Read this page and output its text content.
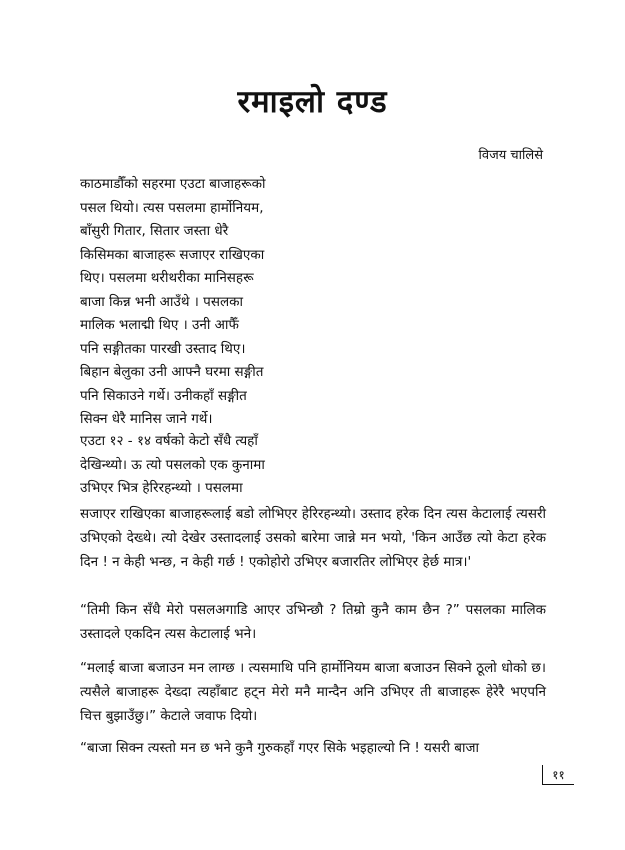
रमाइलो दण्ड
विजय चालिसे
काठमाडौँको सहरमा एउटा बाजाहरूको
पसल थियो। त्यस पसलमा हार्मोनियम,
बाँसुरी गितार, सितार जस्ता धेरै
किसिमका बाजाहरू सजाएर राखिएका
थिए। पसलमा थरीथरीका मानिसहरू
बाजा किन्न भनी आउँथे । पसलका
मालिक भलाद्मी थिए । उनी आफैँ
पनि सङ्गीतका पारखी उस्ताद थिए।
बिहान बेलुका उनी आफ्नै घरमा सङ्गीत
पनि सिकाउने गर्थे। उनीकहाँ सङ्गीत
सिक्न धेरै मानिस जाने गर्थे।
एउटा १२ - १४ वर्षको केटो सँधै त्यहाँ
देखिन्थ्यो। ऊ त्यो पसलको एक कुनामा
उभिएर भित्र हेरिरहन्थ्यो । पसलमा
सजाएर राखिएका बाजाहरूलाई बडो लोभिएर हेरिरहन्थ्यो। उस्ताद हरेक दिन त्यस केटालाई त्यसरी उभिएको देख्थे। त्यो देखेर उस्तादलाई उसको बारेमा जान्ने मन भयो, 'किन आउँछ त्यो केटा हरेक दिन ! न केही भन्छ, न केही गर्छ ! एकोहोरो उभिएर बजारतिर लोभिएर हेर्छ मात्र।'
“तिमी किन सँधै मेरो पसलअगाडि आएर उभिन्छौ ? तिम्रो कुनै काम छैन ?” पसलका मालिक उस्तादले एकदिन त्यस केटालाई भने।
“मलाई बाजा बजाउन मन लाग्छ । त्यसमाथि पनि हार्मोनियम बाजा बजाउन सिक्ने ठूलो धोको छ। त्यसैले बाजाहरू देख्दा त्यहाँबाट हट्न मेरो मनै मान्दैन अनि उभिएर ती बाजाहरू हेरेरै भएपनि चित्त बुझाउँछु।” केटाले जवाफ दियो।
“बाजा सिक्न त्यस्तो मन छ भने कुनै गुरुकहाँ गएर सिके भइहाल्यो नि ! यसरी बाजा
११
